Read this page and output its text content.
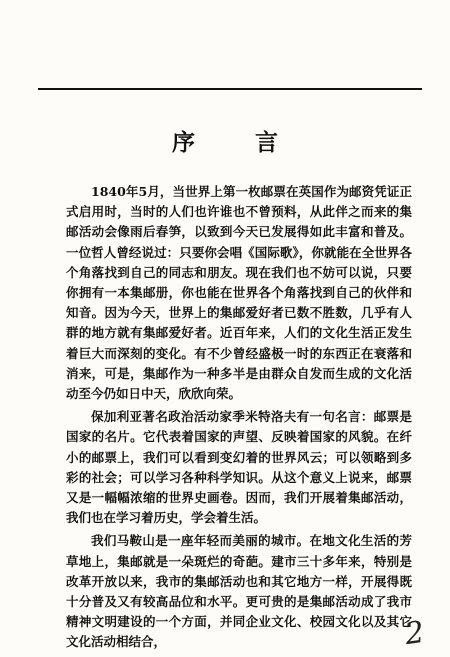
序 言

1840年5月，当世界上第一枚邮票在英国作为邮资凭证正式启用时，当时的人们也许谁也不曾预料，从此伴之而来的集邮活动会像雨后春笋，以致到今天已发展得如此丰富和普及。一位哲人曾经说过：只要你会唱《国际歌》，你就能在全世界各个角落找到自己的同志和朋友。现在我们也不妨可以说，只要你拥有一本集邮册，你也能在世界各个角落找到自己的伙伴和知音。因为今天，世界上的集邮爱好者已数不胜数，几乎有人群的地方就有集邮爱好者。近百年来，人们的文化生活正发生着巨大而深刻的变化。有不少曾经盛极一时的东西正在衰落和消来，可是，集邮作为一种多半是由群众自发而生成的文化活动至今仍如日中天，欣欣向荣。

保加利亚著名政治活动家季米特洛夫有一句名言：邮票是国家的名片。它代表着国家的声望、反映着国家的风貌。在纤小的邮票上，我们可以看到变幻着的世界风云；可以领略到多彩的社会；可以学习各种科学知识。从这个意义上说来，邮票又是一幅幅浓缩的世界史画卷。因而，我们开展着集邮活动，我们也在学习着历史，学会着生活。

我们马鞍山是一座年轻而美丽的城市。在地文化生活的芳草地上，集邮就是一朵斑烂的奇葩。建市三十多年来，特别是改革开放以来，我市的集邮活动也和其它地方一样，开展得既十分普及又有较高品位和水平。更可贵的是集邮活动成了我市精神文明建设的一个方面，并同企业文化、校园文化以及其它文化活动相结合，	2
